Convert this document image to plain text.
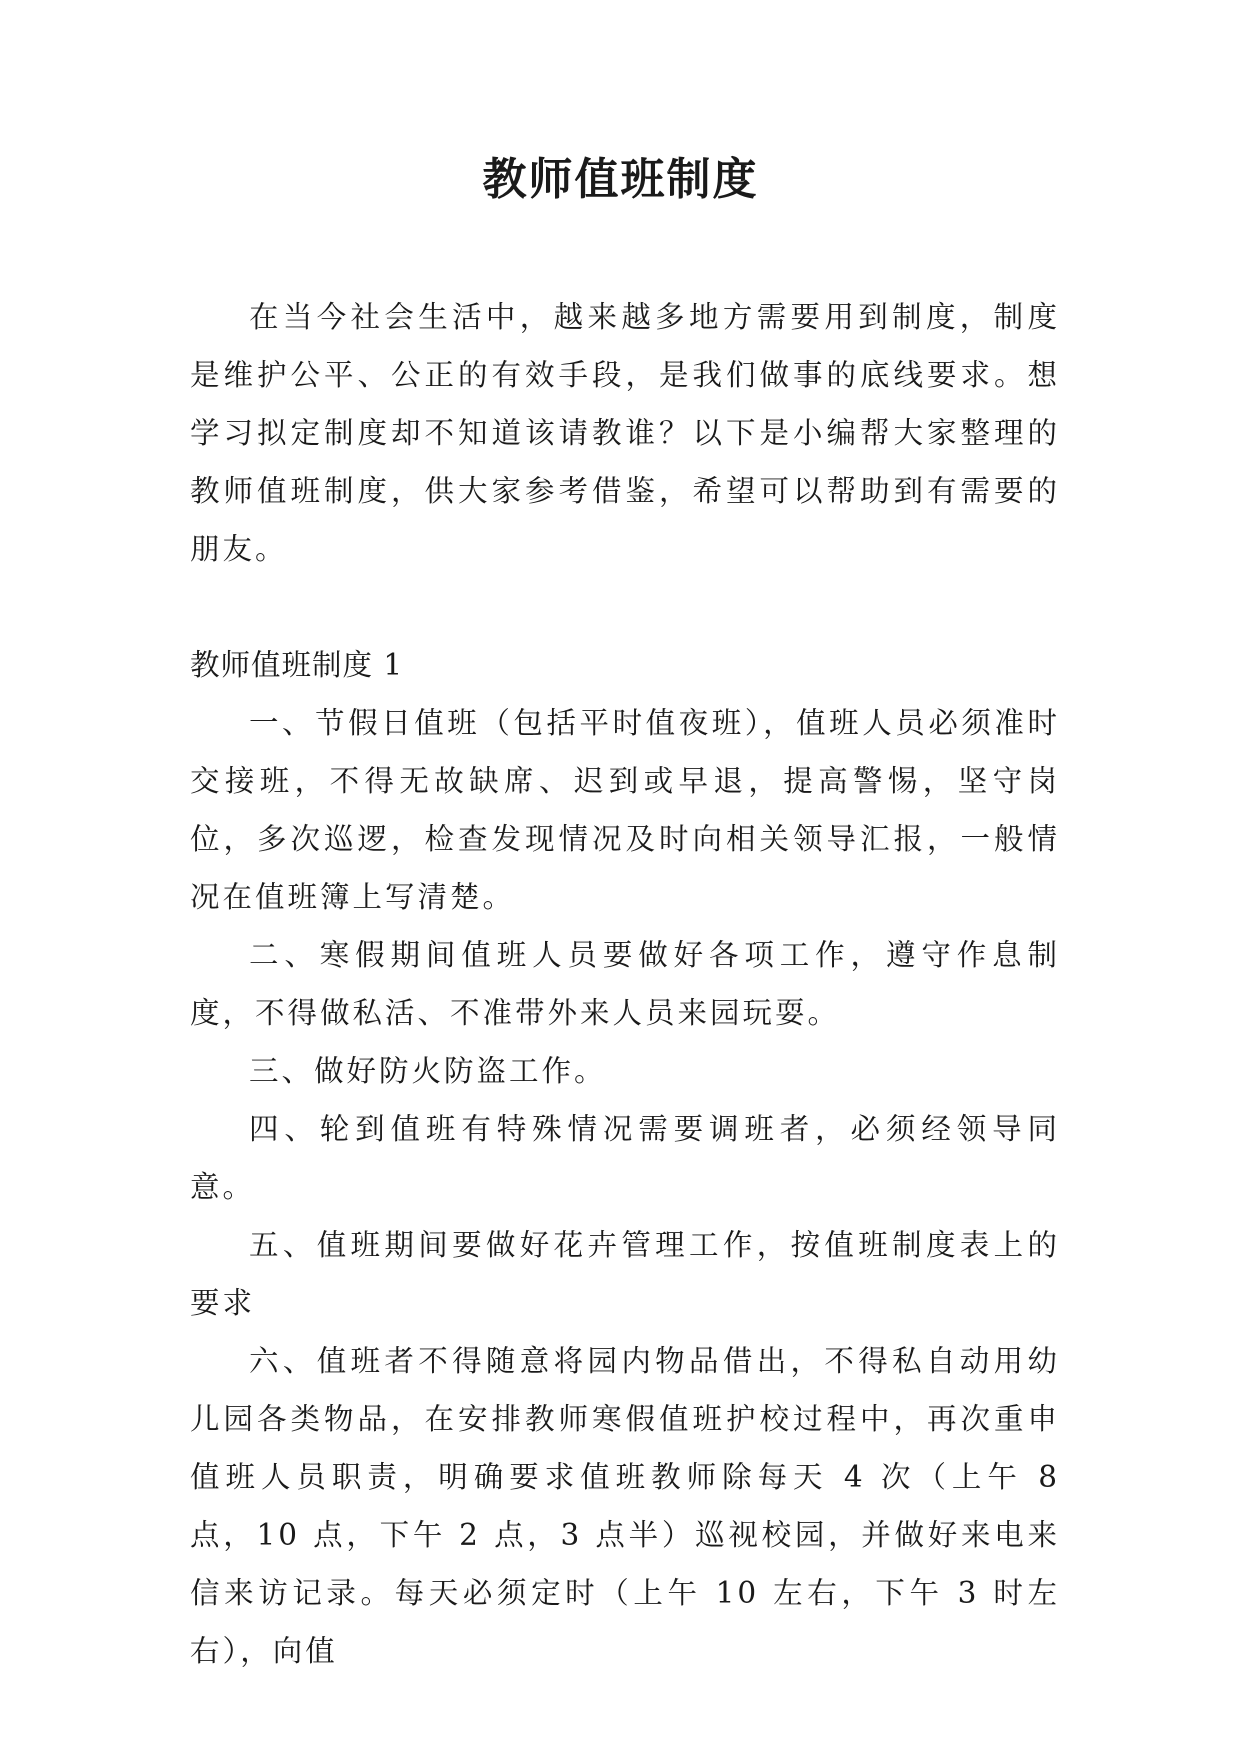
教师值班制度

在当今社会生活中，越来越多地方需要用到制度，制度是维护公平、公正的有效手段，是我们做事的底线要求。想学习拟定制度却不知道该请教谁？以下是小编帮大家整理的教师值班制度，供大家参考借鉴，希望可以帮助到有需要的朋友。

教师值班制度 1

一、节假日值班（包括平时值夜班），值班人员必须准时交接班，不得无故缺席、迟到或早退，提高警惕，坚守岗位，多次巡逻，检查发现情况及时向相关领导汇报，一般情况在值班簿上写清楚。

二、寒假期间值班人员要做好各项工作，遵守作息制度，不得做私活、不准带外来人员来园玩耍。

三、做好防火防盗工作。

四、轮到值班有特殊情况需要调班者，必须经领导同意。

五、值班期间要做好花卉管理工作，按值班制度表上的要求

六、值班者不得随意将园内物品借出，不得私自动用幼儿园各类物品，在安排教师寒假值班护校过程中，再次重申值班人员职责，明确要求值班教师除每天 4 次（上午 8 点，10 点，下午 2 点，3 点半）巡视校园，并做好来电来信来访记录。每天必须定时（上午 10 左右，下午 3 时左右），向值
